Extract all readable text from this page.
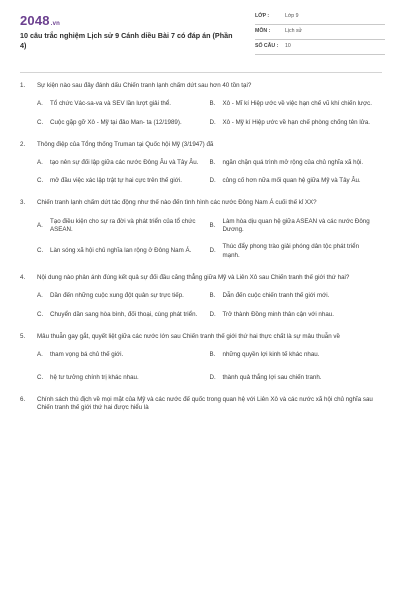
2048.vn
10 câu trắc nghiệm Lịch sử 9 Cánh diều Bài 7 có đáp án (Phần 4)
LỚP :	Lớp 9
MÔN :	Lịch sử
SỐ CÂU :	10
1.	Sự kiện nào sau đây đánh dấu Chiến tranh lạnh chấm dứt sau hơn 40 tồn tại?
A.	Tổ chức Vác-sa-va và SEV lần lượt giải thể.	B.	Xô - Mĩ kí Hiệp ước về việc hạn chế vũ khí chiến lược.
C.	Cuộc gặp gỡ Xô - Mỹ tại đảo Man- ta (12/1989).	D.	Xô - Mỹ kí Hiệp ước về hạn chế phòng chống tên lửa.
2.	Thông điệp của Tổng thống Truman tại Quốc hội Mỹ (3/1947) đã
A.	tạo nên sự đối lập giữa các nước Đông Âu và Tây Âu. B.	ngăn chặn quá trình mở rộng của chủ nghĩa xã hội.
C.	mở đầu việc xác lập trật tự hai cực trên thế giới.	D.	củng cố hơn nữa mối quan hệ giữa Mỹ và Tây Âu.
3.	Chiến tranh lạnh chấm dứt tác động như thế nào đến tình hình các nước Đông Nam Á cuối thế kỉ XX?
A.
Tạo điều kiện cho sự ra đời và phát triển của tổ chức ASEAN.
B.
Làm hòa dịu quan hệ giữa ASEAN và các nước Đông Dương.
C.	Làn sóng xã hội chủ nghĩa lan rộng ở Đông Nam Á.	D.
Thúc đẩy phong trào giải phóng dân tộc phát triển mạnh.
4.	Nội dung nào phản ánh đúng kết quả sự đối đầu căng thẳng giữa Mỹ và Liên Xô sau Chiến tranh thế giới thứ hai?
A.	Dần đến những cuộc xung đột quân sự trực tiếp.	B.	Dẫn đến cuộc chiến tranh thế giới mới.
C.	Chuyển dần sang hòa bình, đối thoại, cùng phát triển.	D.	Trở thành Đồng minh thân cận với nhau.
5.	Mâu thuẫn gay gắt, quyết liệt giữa các nước lớn sau Chiến tranh thế giới thứ hai thực chất là sự mâu thuẫn về
A.	tham vọng bá chủ thế giới.	B.	những quyền lợi kinh tế khác nhau.
C.	hệ tư tưởng chính trị khác nhau.	D.	thành quả thắng lợi sau chiến tranh.
6.	Chính sách thù địch về mọi mặt của Mỹ và các nước đế quốc trong quan hệ với Liên Xô và các nước xã hội chủ nghĩa sau Chiến tranh thế giới thứ hai được hiểu là
